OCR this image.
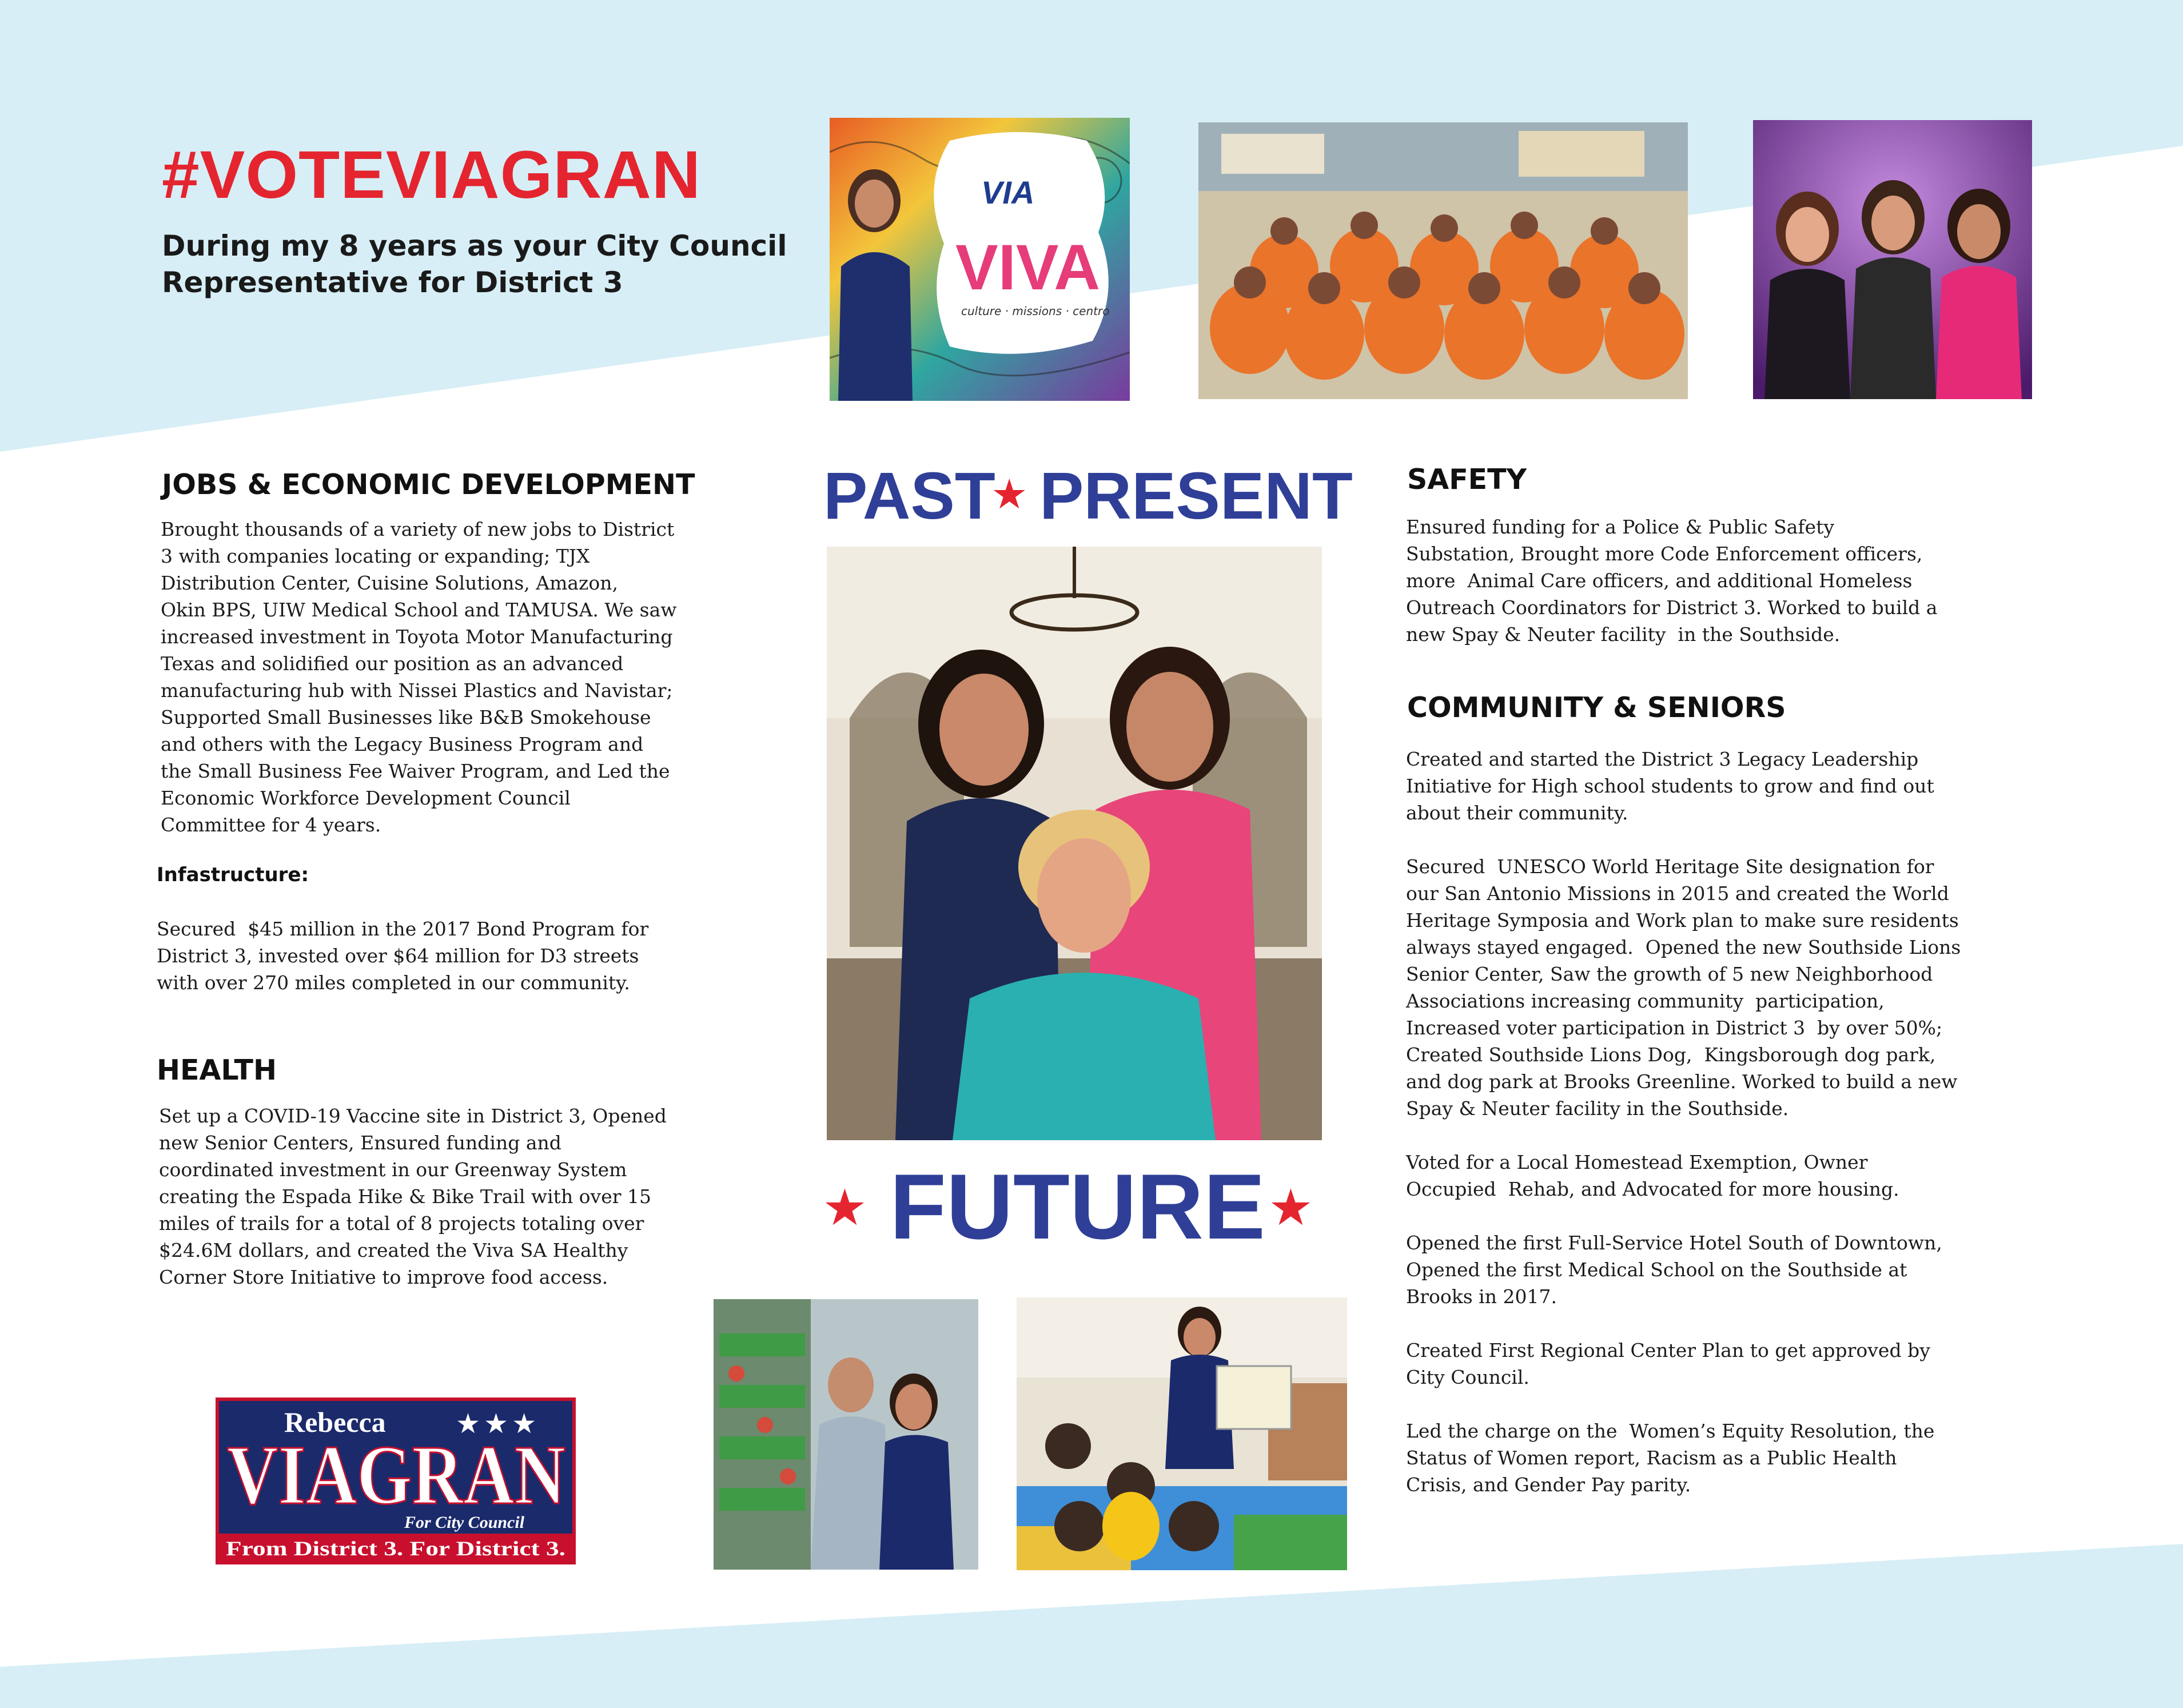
#VOTEVIAGRAN
During my 8 years as your City Council
Representative for District 3
VIA
VIVA
culture · missions · centro
JOBS & ECONOMIC DEVELOPMENT
Brought thousands of a variety of new jobs to District
3 with companies locating or expanding; TJX
Distribution Center, Cuisine Solutions, Amazon,
Okin BPS, UIW Medical School and TAMUSA. We saw
increased investment in Toyota Motor Manufacturing
Texas and solidified our position as an advanced
manufacturing hub with Nissei Plastics and Navistar;
Supported Small Businesses like B&B Smokehouse
and others with the Legacy Business Program and
the Small Business Fee Waiver Program, and Led the
Economic Workforce Development Council
Committee for 4 years.
Infastructure:
Secured  $45 million in the 2017 Bond Program for
District 3, invested over $64 million for D3 streets
with over 270 miles completed in our community.
HEALTH
Set up a COVID-19 Vaccine site in District 3, Opened
new Senior Centers, Ensured funding and
coordinated investment in our Greenway System
creating the Espada Hike & Bike Trail with over 15
miles of trails for a total of 8 projects totaling over
$24.6M dollars, and created the Viva SA Healthy
Corner Store Initiative to improve food access.
Rebecca	★★★
VIAGRAN
For City Council
From District 3. For District 3.
PAST
★ PRESENT
★ FUTURE ★
SAFETY
Ensured funding for a Police & Public Safety
Substation, Brought more Code Enforcement officers,
more  Animal Care officers, and additional Homeless
Outreach Coordinators for District 3. Worked to build a
new Spay & Neuter facility  in the Southside.
COMMUNITY & SENIORS
Created and started the District 3 Legacy Leadership
Initiative for High school students to grow and find out
about their community.
Secured  UNESCO World Heritage Site designation for
our San Antonio Missions in 2015 and created the World
Heritage Symposia and Work plan to make sure residents
always stayed engaged.  Opened the new Southside Lions
Senior Center, Saw the growth of 5 new Neighborhood
Associations increasing community  participation,
Increased voter participation in District 3  by over 50%;
Created Southside Lions Dog,  Kingsborough dog park,
and dog park at Brooks Greenline. Worked to build a new
Spay & Neuter facility in the Southside.
Voted for a Local Homestead Exemption, Owner
Occupied  Rehab, and Advocated for more housing.
Opened the first Full-Service Hotel South of Downtown,
Opened the first Medical School on the Southside at
Brooks in 2017.
Created First Regional Center Plan to get approved by
City Council.
Led the charge on the  Women’s Equity Resolution, the
Status of Women report, Racism as a Public Health
Crisis, and Gender Pay parity.
